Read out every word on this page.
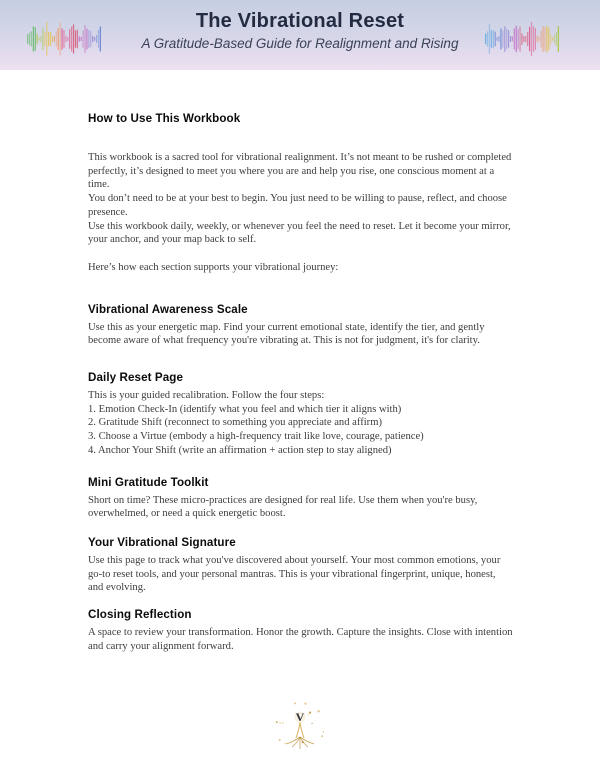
The Vibrational Reset
A Gratitude-Based Guide for Realignment and Rising
How to Use This Workbook

This workbook is a sacred tool for vibrational realignment. It’s not meant to be rushed or completed perfectly, it’s designed to meet you where you are and help you rise, one conscious moment at a time.

You don’t need to be at your best to begin. You just need to be willing to pause, reflect, and choose presence.

Use this workbook daily, weekly, or whenever you feel the need to reset. Let it become your mirror, your anchor, and your map back to self.

Here’s how each section supports your vibrational journey:

Vibrational Awareness Scale

Use this as your energetic map. Find your current emotional state, identify the tier, and gently become aware of what frequency you're vibrating at. This is not for judgment, it's for clarity.

Daily Reset Page

This is your guided recalibration. Follow the four steps:

1. Emotion Check-In (identify what you feel and which tier it aligns with)

2. Gratitude Shift (reconnect to something you appreciate and affirm)

3. Choose a Virtue (embody a high-frequency trait like love, courage, patience)

4. Anchor Your Shift (write an affirmation + action step to stay aligned)

Mini Gratitude Toolkit

Short on time? These micro-practices are designed for real life. Use them when you're busy, overwhelmed, or need a quick energetic boost.

Your Vibrational Signature

Use this page to track what you've discovered about yourself. Your most common emotions, your go-to reset tools, and your personal mantras. This is your vibrational fingerprint, unique, honest, and evolving.

Closing Reflection

A space to review your transformation. Honor the growth. Capture the insights. Close with intention and carry your alignment forward.

V
